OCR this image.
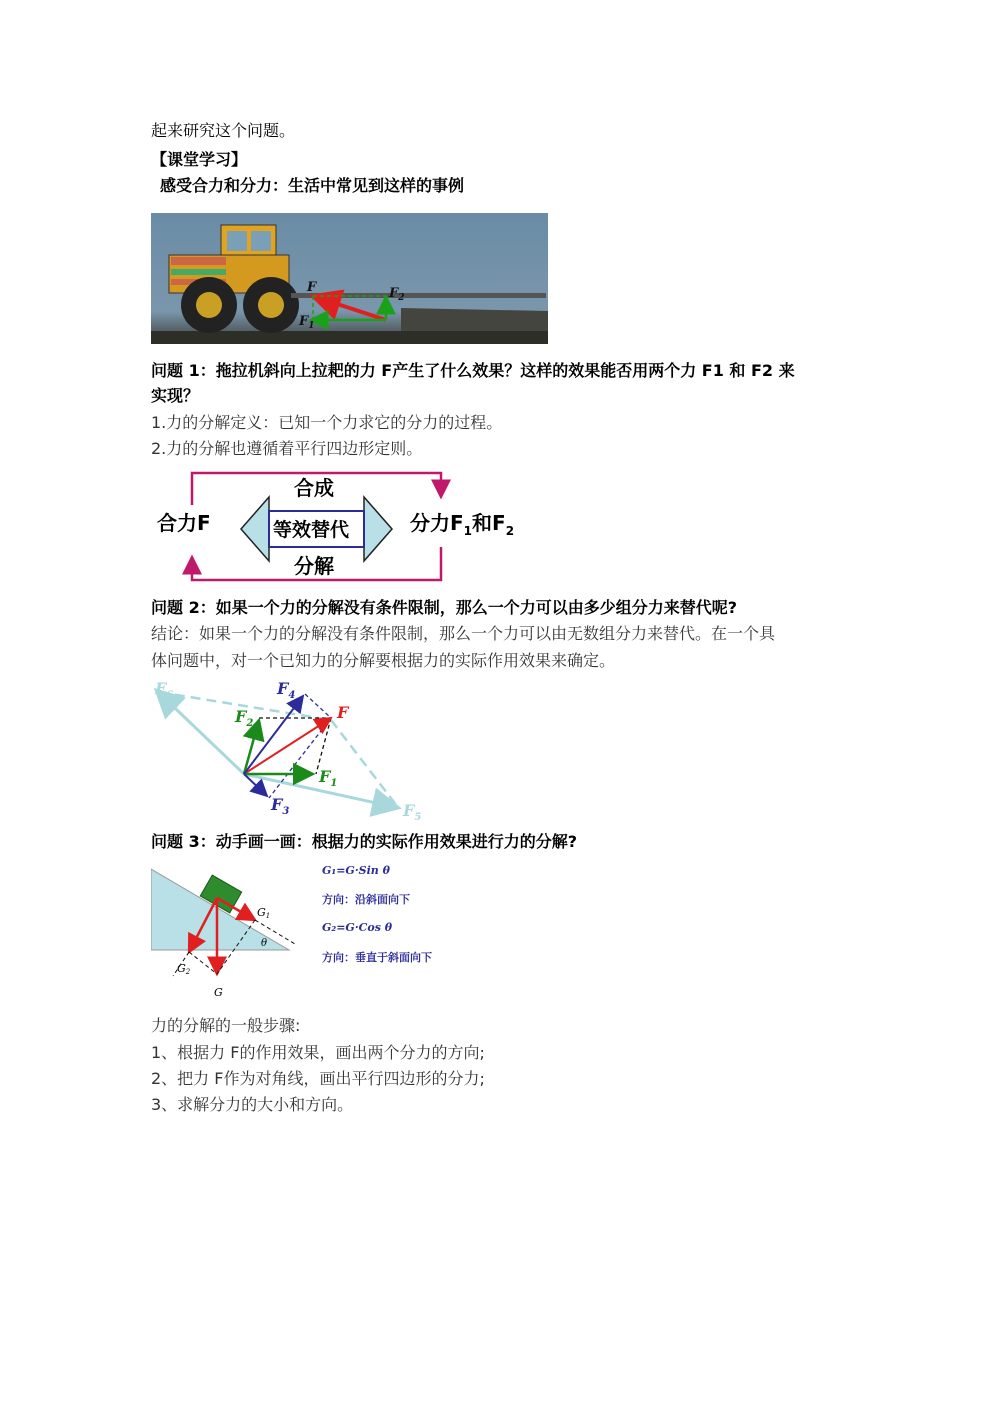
起来研究这个问题。
【课堂学习】
感受合力和分力：生活中常见到这样的事例
F
$F_1$
$F_2$
问题 1：拖拉机斜向上拉耙的力 F产生了什么效果？这样的效果能否用两个力 F1 和 F2 来
实现？
1.力的分解定义：已知一个力求它的分力的过程。
2.力的分解也遵循着平行四边形定则。
合成
等效替代
分解
合力F	分力$F_1$和$F_2$
问题 2：如果一个力的分解没有条件限制，那么一个力可以由多少组分力来替代呢?
结论：如果一个力的分解没有条件限制，那么一个力可以由无数组分力来替代。在一个具
体问题中，对一个已知力的分解要根据力的实际作用效果来确定。
F
$F_1$
$F_2$
$F_3$
$F_4$
$F_5$
$F_6$
问题 3：动手画一画：根据力的实际作用效果进行力的分解?
G1
G2
G
θ
G₁=G·Sin θ
方向：沿斜面向下
G₂=G·Cos θ
方向：垂直于斜面向下
力的分解的一般步骤:
1、根据力 F的作用效果，画出两个分力的方向;
2、把力 F作为对角线，画出平行四边形的分力;
3、求解分力的大小和方向。
